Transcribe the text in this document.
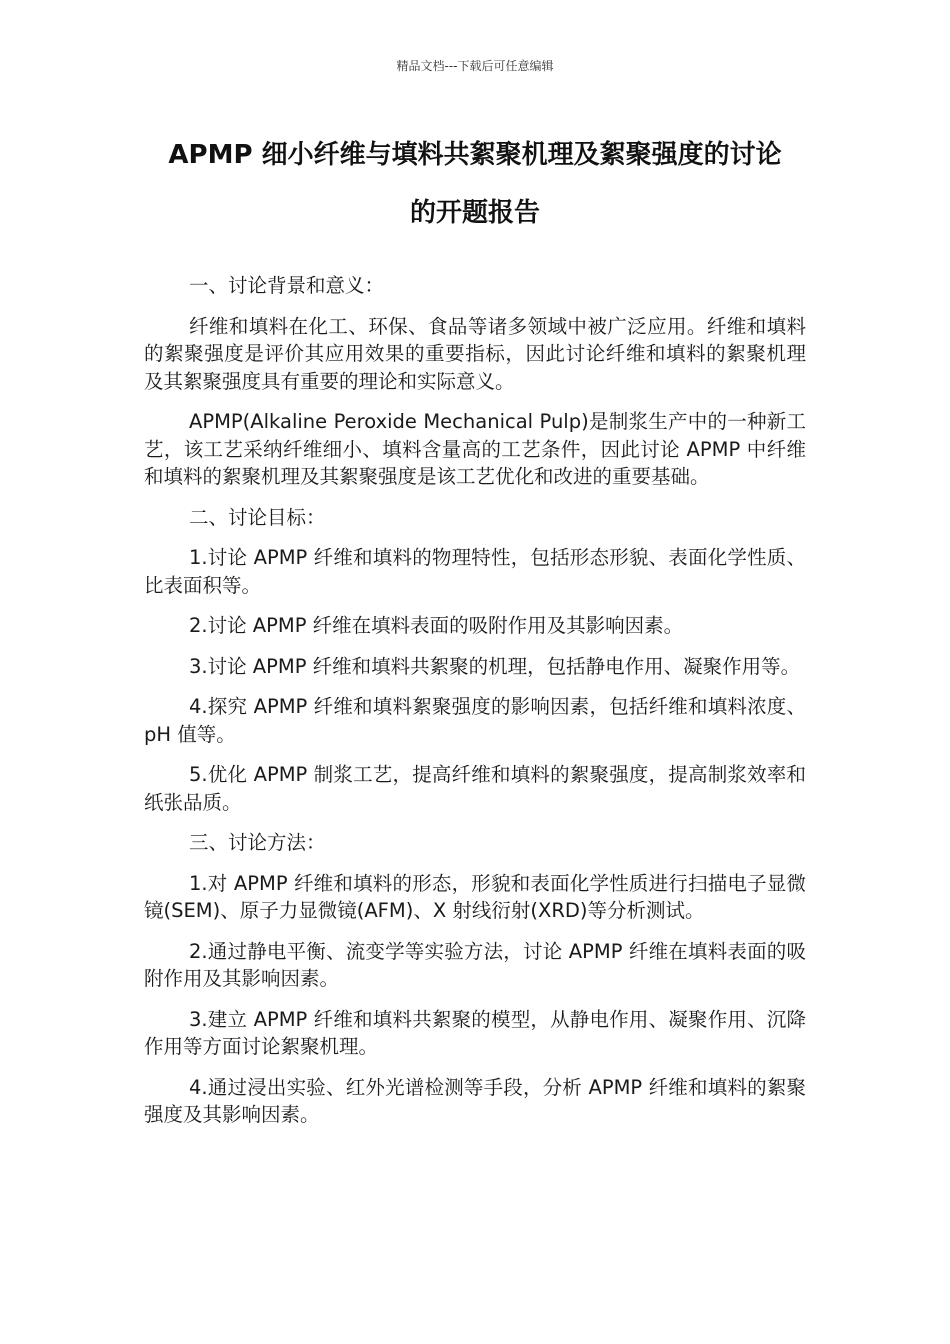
精品文档---下载后可任意编辑
APMP 细小纤维与填料共絮聚机理及絮聚强度的讨论
的开题报告

一、讨论背景和意义：

纤维和填料在化工、环保、食品等诸多领域中被广泛应用。纤维和填料的絮聚强度是评价其应用效果的重要指标，因此讨论纤维和填料的絮聚机理及其絮聚强度具有重要的理论和实际意义。

APMP(Alkaline Peroxide Mechanical Pulp)是制浆生产中的一种新工艺，该工艺采纳纤维细小、填料含量高的工艺条件，因此讨论 APMP 中纤维和填料的絮聚机理及其絮聚强度是该工艺优化和改进的重要基础。

二、讨论目标：

1.讨论 APMP 纤维和填料的物理特性，包括形态形貌、表面化学性质、比表面积等。

2.讨论 APMP 纤维在填料表面的吸附作用及其影响因素。

3.讨论 APMP 纤维和填料共絮聚的机理，包括静电作用、凝聚作用等。

4.探究 APMP 纤维和填料絮聚强度的影响因素，包括纤维和填料浓度、pH 值等。

5.优化 APMP 制浆工艺，提高纤维和填料的絮聚强度，提高制浆效率和纸张品质。

三、讨论方法：

1.对 APMP 纤维和填料的形态，形貌和表面化学性质进行扫描电子显微镜(SEM)、原子力显微镜(AFM)、X 射线衍射(XRD)等分析测试。

2.通过静电平衡、流变学等实验方法，讨论 APMP 纤维在填料表面的吸附作用及其影响因素。

3.建立 APMP 纤维和填料共絮聚的模型，从静电作用、凝聚作用、沉降作用等方面讨论絮聚机理。

4.通过浸出实验、红外光谱检测等手段，分析 APMP 纤维和填料的絮聚强度及其影响因素。
